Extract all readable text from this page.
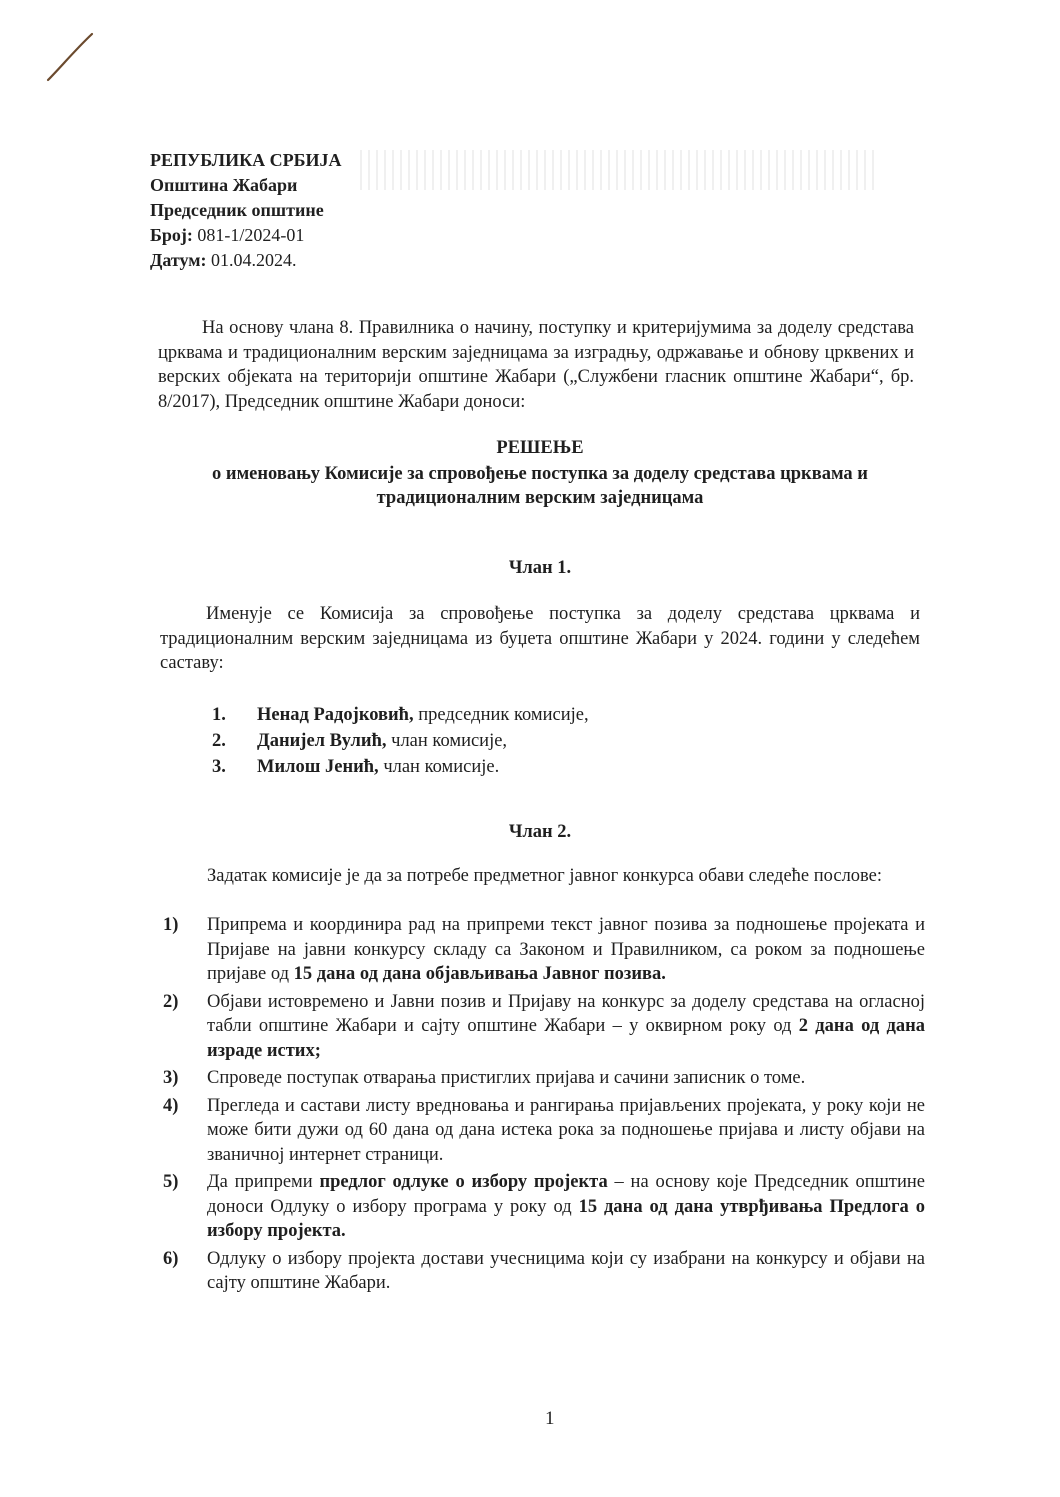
РЕПУБЛИКА СРБИЈА
Општина Жабари
Председник општине
Број: 081-1/2024-01
Датум: 01.04.2024.
На основу члана 8. Правилника о начину, поступку и критеријумима за доделу средстава црквама и традиционалним верским заједницама за изградњу, одржавање и обнову црквених и верских објеката на територији општине Жабари („Службени гласник општине Жабари“, бр. 8/2017), Председник општине Жабари доноси:
РЕШЕЊЕ
о именовању Комисије за спровођење поступка за доделу средстава црквама и
традиционалним верским заједницама
Члан 1.
Именује се Комисија за спровођење поступка за доделу средстава црквама и традиционалним верским заједницама из буџета општине Жабари у 2024. години у следећем саставу:
1.	Ненад Радојковић, председник комисије,
2.	Данијел Вулић, члан комисије,
3.	Милош Јенић, члан комисије.
Члан 2.
Задатак комисије је да за потребе предметног јавног конкурса обави следеће послове:
1)	Припрема и координира рад на припреми текст јавног позива за подношење пројеката и Пријаве на јавни конкурсу складу са Законом и Правилником, са роком за подношење пријаве од 15 дана од дана објављивања Јавног позива.
2)	Објави истовремено и Јавни позив и Пријаву на конкурс за доделу средстава на огласној табли општине Жабари и сајту општине Жабари – у оквирном року од 2 дана од дана израде истих;
3)	Спроведе поступак отварања пристиглих пријава и сачини записник о томе.
4)	Прегледа и састави листу вреднoвања и рангирања пријављених пројеката, у року који не може бити дужи од 60 дана од дана истека рока за подношење пријава и листу објави на званичној интернет страници.
5)	Да припреми предлог одлуке о избору пројекта – на основу које Председник општине доноси Одлуку о избору програма у року од 15 дана од дана утврђивања Предлога о избору пројекта.
6)	Одлуку о избору пројекта достави учесницима који су изабрани на конкурсу и објави на сајту општине Жабари.
1
